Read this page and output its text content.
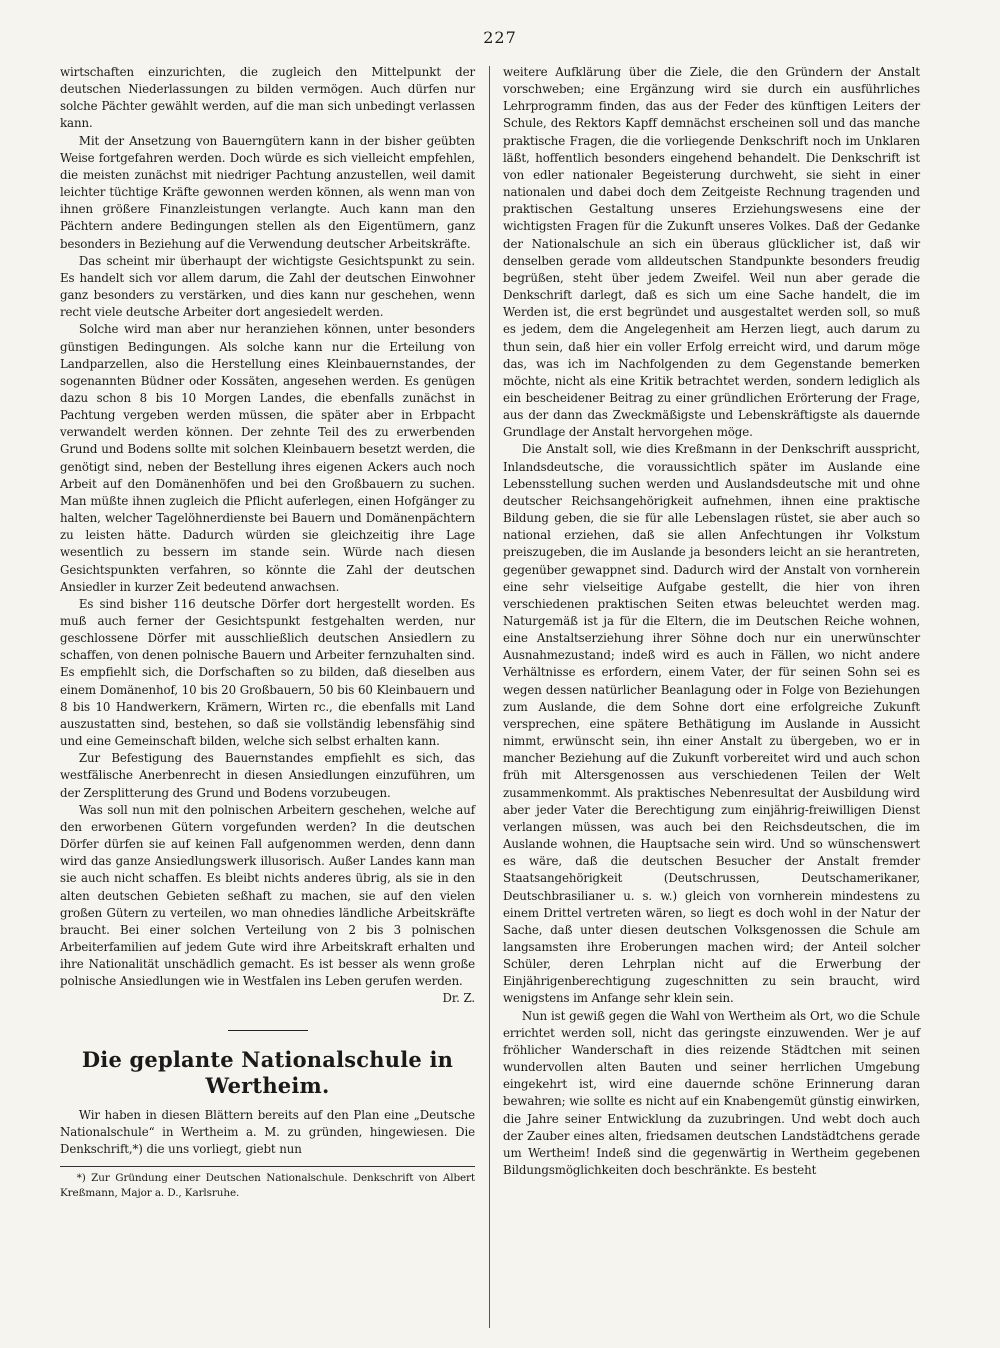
227

wirtschaften einzurichten, die zugleich den Mittelpunkt der deutschen Niederlassungen zu bilden vermögen. Auch dürfen nur solche Pächter gewählt werden, auf die man sich unbedingt verlassen kann.

Mit der Ansetzung von Bauerngütern kann in der bisher geübten Weise fortgefahren werden. Doch würde es sich vielleicht empfehlen, die meisten zunächst mit niedriger Pachtung anzustellen, weil damit leichter tüchtige Kräfte gewonnen werden können, als wenn man von ihnen größere Finanzleistungen verlangte. Auch kann man den Pächtern andere Bedingungen stellen als den Eigentümern, ganz besonders in Beziehung auf die Verwendung deutscher Arbeitskräfte.

Das scheint mir überhaupt der wichtigste Gesichtspunkt zu sein. Es handelt sich vor allem darum, die Zahl der deutschen Einwohner ganz besonders zu verstärken, und dies kann nur geschehen, wenn recht viele deutsche Arbeiter dort angesiedelt werden.

Solche wird man aber nur heranziehen können, unter besonders günstigen Bedingungen. Als solche kann nur die Erteilung von Landparzellen, also die Herstellung eines Kleinbauernstandes, der sogenannten Büdner oder Kossäten, angesehen werden. Es genügen dazu schon 8 bis 10 Morgen Landes, die ebenfalls zunächst in Pachtung vergeben werden müssen, die später aber in Erbpacht verwandelt werden können. Der zehnte Teil des zu erwerbenden Grund und Bodens sollte mit solchen Kleinbauern besetzt werden, die genötigt sind, neben der Bestellung ihres eigenen Ackers auch noch Arbeit auf den Domänenhöfen und bei den Großbauern zu suchen. Man müßte ihnen zugleich die Pflicht auferlegen, einen Hofgänger zu halten, welcher Tagelöhnerdienste bei Bauern und Domänenpächtern zu leisten hätte. Dadurch würden sie gleichzeitig ihre Lage wesentlich zu bessern im stande sein. Würde nach diesen Gesichtspunkten verfahren, so könnte die Zahl der deutschen Ansiedler in kurzer Zeit bedeutend anwachsen.

Es sind bisher 116 deutsche Dörfer dort hergestellt worden. Es muß auch ferner der Gesichtspunkt festgehalten werden, nur geschlossene Dörfer mit ausschließlich deutschen Ansiedlern zu schaffen, von denen polnische Bauern und Arbeiter fernzuhalten sind. Es empfiehlt sich, die Dorfschaften so zu bilden, daß dieselben aus einem Domänenhof, 10 bis 20 Großbauern, 50 bis 60 Kleinbauern und 8 bis 10 Handwerkern, Krämern, Wirten rc., die ebenfalls mit Land auszustatten sind, bestehen, so daß sie vollständig lebensfähig sind und eine Gemeinschaft bilden, welche sich selbst erhalten kann.

Zur Befestigung des Bauernstandes empfiehlt es sich, das westfälische Anerbenrecht in diesen Ansiedlungen einzuführen, um der Zersplitterung des Grund und Bodens vorzubeugen.

Was soll nun mit den polnischen Arbeitern geschehen, welche auf den erworbenen Gütern vorgefunden werden? In die deutschen Dörfer dürfen sie auf keinen Fall aufgenommen werden, denn dann wird das ganze Ansiedlungswerk illusorisch. Außer Landes kann man sie auch nicht schaffen. Es bleibt nichts anderes übrig, als sie in den alten deutschen Gebieten seßhaft zu machen, sie auf den vielen großen Gütern zu verteilen, wo man ohnedies ländliche Arbeitskräfte braucht. Bei einer solchen Verteilung von 2 bis 3 polnischen Arbeiterfamilien auf jedem Gute wird ihre Arbeitskraft erhalten und ihre Nationalität unschädlich gemacht. Es ist besser als wenn große polnische Ansiedlungen wie in Westfalen ins Leben gerufen werden.

Dr. Z.
Die geplante Nationalschule in Wertheim.

Wir haben in diesen Blättern bereits auf den Plan eine „Deutsche Nationalschule“ in Wertheim a. M. zu gründen, hingewiesen. Die Denkschrift,*) die uns vorliegt, giebt nun

*) Zur Gründung einer Deutschen Nationalschule. Denkschrift von Albert Kreßmann, Major a. D., Karlsruhe.

weitere Aufklärung über die Ziele, die den Gründern der Anstalt vorschweben; eine Ergänzung wird sie durch ein ausführliches Lehrprogramm finden, das aus der Feder des künftigen Leiters der Schule, des Rektors Kapff demnächst erscheinen soll und das manche praktische Fragen, die die vorliegende Denkschrift noch im Unklaren läßt, hoffentlich besonders eingehend behandelt. Die Denkschrift ist von edler nationaler Begeisterung durchweht, sie sieht in einer nationalen und dabei doch dem Zeitgeiste Rechnung tragenden und praktischen Gestaltung unseres Erziehungswesens eine der wichtigsten Fragen für die Zukunft unseres Volkes. Daß der Gedanke der Nationalschule an sich ein überaus glücklicher ist, daß wir denselben gerade vom alldeutschen Standpunkte besonders freudig begrüßen, steht über jedem Zweifel. Weil nun aber gerade die Denkschrift darlegt, daß es sich um eine Sache handelt, die im Werden ist, die erst begründet und ausgestaltet werden soll, so muß es jedem, dem die Angelegenheit am Herzen liegt, auch darum zu thun sein, daß hier ein voller Erfolg erreicht wird, und darum möge das, was ich im Nachfolgenden zu dem Gegenstande bemerken möchte, nicht als eine Kritik betrachtet werden, sondern lediglich als ein bescheidener Beitrag zu einer gründlichen Erörterung der Frage, aus der dann das Zweckmäßigste und Lebenskräftigste als dauernde Grundlage der Anstalt hervorgehen möge.

Die Anstalt soll, wie dies Kreßmann in der Denkschrift ausspricht, Inlandsdeutsche, die voraussichtlich später im Auslande eine Lebensstellung suchen werden und Auslandsdeutsche mit und ohne deutscher Reichsangehörigkeit aufnehmen, ihnen eine praktische Bildung geben, die sie für alle Lebenslagen rüstet, sie aber auch so national erziehen, daß sie allen Anfechtungen ihr Volkstum preiszugeben, die im Auslande ja besonders leicht an sie herantreten, gegenüber gewappnet sind. Dadurch wird der Anstalt von vornherein eine sehr vielseitige Aufgabe gestellt, die hier von ihren verschiedenen praktischen Seiten etwas beleuchtet werden mag. Naturgemäß ist ja für die Eltern, die im Deutschen Reiche wohnen, eine Anstaltserziehung ihrer Söhne doch nur ein unerwünschter Ausnahmezustand; indeß wird es auch in Fällen, wo nicht andere Verhältnisse es erfordern, einem Vater, der für seinen Sohn sei es wegen dessen natürlicher Beanlagung oder in Folge von Beziehungen zum Auslande, die dem Sohne dort eine erfolgreiche Zukunft versprechen, eine spätere Bethätigung im Auslande in Aussicht nimmt, erwünscht sein, ihn einer Anstalt zu übergeben, wo er in mancher Beziehung auf die Zukunft vorbereitet wird und auch schon früh mit Altersgenossen aus verschiedenen Teilen der Welt zusammenkommt. Als praktisches Nebenresultat der Ausbildung wird aber jeder Vater die Berechtigung zum einjährig-freiwilligen Dienst verlangen müssen, was auch bei den Reichsdeutschen, die im Auslande wohnen, die Hauptsache sein wird. Und so wünschenswert es wäre, daß die deutschen Besucher der Anstalt fremder Staatsangehörigkeit (Deutschrussen, Deutschamerikaner, Deutschbrasilianer u. s. w.) gleich von vornherein mindestens zu einem Drittel vertreten wären, so liegt es doch wohl in der Natur der Sache, daß unter diesen deutschen Volksgenossen die Schule am langsamsten ihre Eroberungen machen wird; der Anteil solcher Schüler, deren Lehrplan nicht auf die Erwerbung der Einjährigenberechtigung zugeschnitten zu sein braucht, wird wenigstens im Anfange sehr klein sein.

Nun ist gewiß gegen die Wahl von Wertheim als Ort, wo die Schule errichtet werden soll, nicht das geringste einzuwenden. Wer je auf fröhlicher Wanderschaft in dies reizende Städtchen mit seinen wundervollen alten Bauten und seiner herrlichen Umgebung eingekehrt ist, wird eine dauernde schöne Erinnerung daran bewahren; wie sollte es nicht auf ein Knabengemüt günstig einwirken, die Jahre seiner Entwicklung da zuzubringen. Und webt doch auch der Zauber eines alten, friedsamen deutschen Landstädtchens gerade um Wertheim! Indeß sind die gegenwärtig in Wertheim gegebenen Bildungsmöglichkeiten doch beschränkte. Es besteht
